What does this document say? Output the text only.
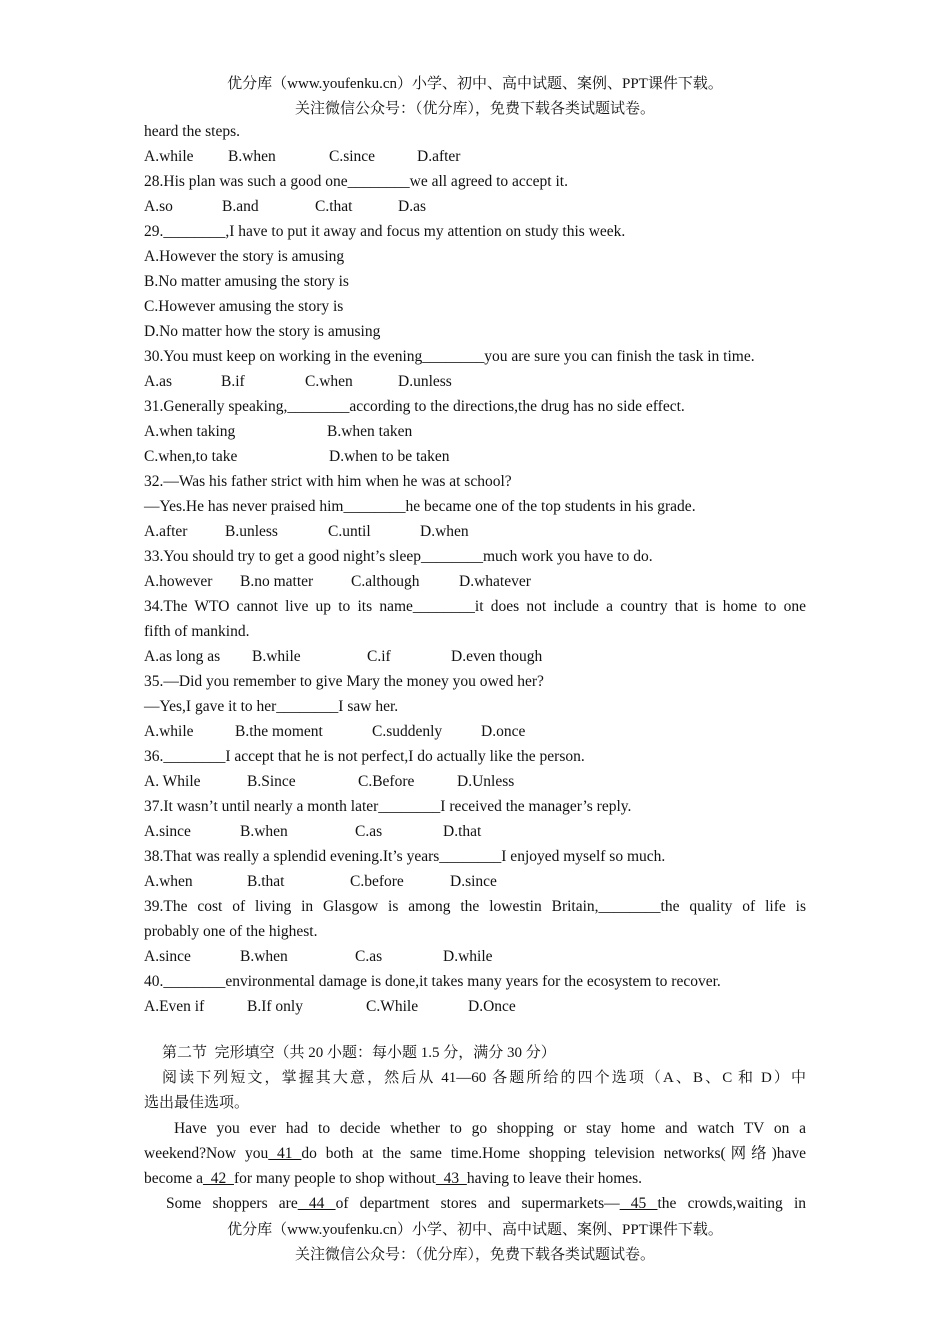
优分库（www.youfenku.cn）小学、初中、高中试题、案例、PPT课件下载。
关注微信公众号：（优分库），免费下载各类试题试卷。
heard the steps.
A.while B.when	C.since	D.after
28.His plan was such a good one________we all agreed to accept it.
A.so	B.and	C.that	D.as
29.________,I have to put it away and focus my attention on study this week.
A.However the story is amusing
B.No matter amusing the story is
C.However amusing the story is
D.No matter how the story is amusing
30.You must keep on working in the evening________you are sure you can finish the task in time.
A.as	B.if	C.when	D.unless
31.Generally speaking,________according to the directions,the drug has no side effect.
A.when taking	B.when taken
C.when,to take	D.when to be taken
32.—Was his father strict with him when he was at school?
—Yes.He has never praised him________he became one of the top students in his grade.
A.after B.unless	C.until	D.when
33.You should try to get a good night’s sleep________much work you have to do.
A.however B.no matter C.although	D.whatever
34.The WTO cannot live up to its name________it does not include a country that is home to one
fifth of mankind.
A.as long as B.while	C.if	D.even though
35.—Did you remember to give Mary the money you owed her?
—Yes,I gave it to her________I saw her.
A.while	B.the moment	C.suddenly	D.once
36.________I accept that he is not perfect,I do actually like the person.
A. While	B.Since	C.Before	D.Unless
37.It wasn’t until nearly a month later________I received the manager’s reply.
A.since	B.when	C.as	D.that
38.That was really a splendid evening.It’s years________I enjoyed myself so much.
A.when	B.that	C.before	D.since
39.The cost of living in Glasgow is among the lowestin Britain,________the quality of life is
probably one of the highest.
A.since	B.when	C.as	D.while
40.________environmental damage is done,it takes many years for the ecosystem to recover.
A.Even if	B.If only	C.While	D.Once
第二节  完形填空（共 20 小题：每小题 1.5 分，满分 30 分）
阅读下列短文，掌握其大意，然后从 41—60 各题所给的四个选项（A、B、C 和 D）中
选出最佳选项。
Have you ever had to decide whether to go shopping or stay home and watch TV on a
weekend?Now you 41 do both at the same time.Home shopping television networks(网络)have
become a  42  for many people to shop without  43  having to leave their homes.
Some shoppers are 44 of department stores and supermarkets— 45 the crowds,waiting in
优分库（www.youfenku.cn）小学、初中、高中试题、案例、PPT课件下载。
关注微信公众号：（优分库），免费下载各类试题试卷。
